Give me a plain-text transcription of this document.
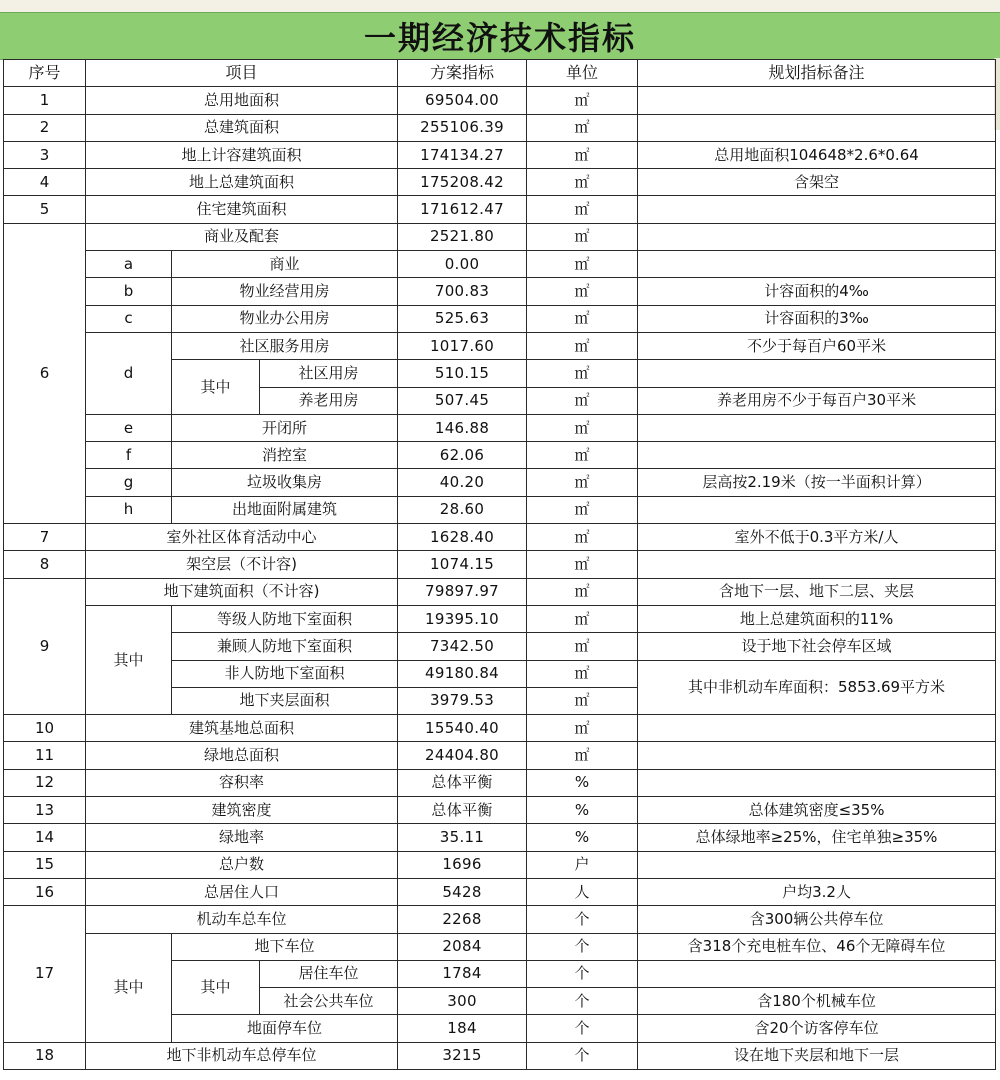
一期经济技术指标
序号	项目			方案指标	单位	规划指标备注
1	总用地面积			69504.00	㎡	
2	总建筑面积			255106.39	㎡	
3	地上计容建筑面积			174134.27	㎡	总用地面积104648*2.6*0.64
4	地上总建筑面积			175208.42	㎡	含架空
5	住宅建筑面积			171612.47	㎡	
6	商业及配套			2521.80	㎡	
	a	商业		0.00	㎡	
	b	物业经营用房		700.83	㎡	计容面积的4‰
	c	物业办公用房		525.63	㎡	计容面积的3‰
	d	社区服务用房		1017.60	㎡	不少于每百户60平米
		其中	社区用房	510.15	㎡	
			养老用房	507.45	㎡	养老用房不少于每百户30平米
	e	开闭所		146.88	㎡	
	f	消控室		62.06	㎡	
	g	垃圾收集房		40.20	㎡	层高按2.19米（按一半面积计算）
	h	出地面附属建筑		28.60	㎡	
7	室外社区体育活动中心			1628.40	㎡	室外不低于0.3平方米/人
8	架空层（不计容)			1074.15	㎡	
9	地下建筑面积（不计容)			79897.97	㎡	含地下一层、地下二层、夹层
	其中	等级人防地下室面积		19395.10	㎡	地上总建筑面积的11%
		兼顾人防地下室面积		7342.50	㎡	设于地下社会停车区域
		非人防地下室面积		49180.84	㎡	其中非机动车库面积：5853.69平方米
		地下夹层面积		3979.53	㎡	
10	建筑基地总面积			15540.40	㎡	
11	绿地总面积			24404.80	㎡	
12	容积率			总体平衡	%	
13	建筑密度			总体平衡	%	总体建筑密度≤35%
14	绿地率			35.11	%	总体绿地率≥25%，住宅单独≥35%
15	总户数			1696	户	
16	总居住人口			5428	人	户均3.2人
17	机动车总车位			2268	个	含300辆公共停车位
	其中	地下车位		2084	个	含318个充电桩车位、46个无障碍车位
		其中	居住车位	1784	个	
			社会公共车位	300	个	含180个机械车位
		地面停车位		184	个	含20个访客停车位
18	地下非机动车总停车位			3215	个	设在地下夹层和地下一层
